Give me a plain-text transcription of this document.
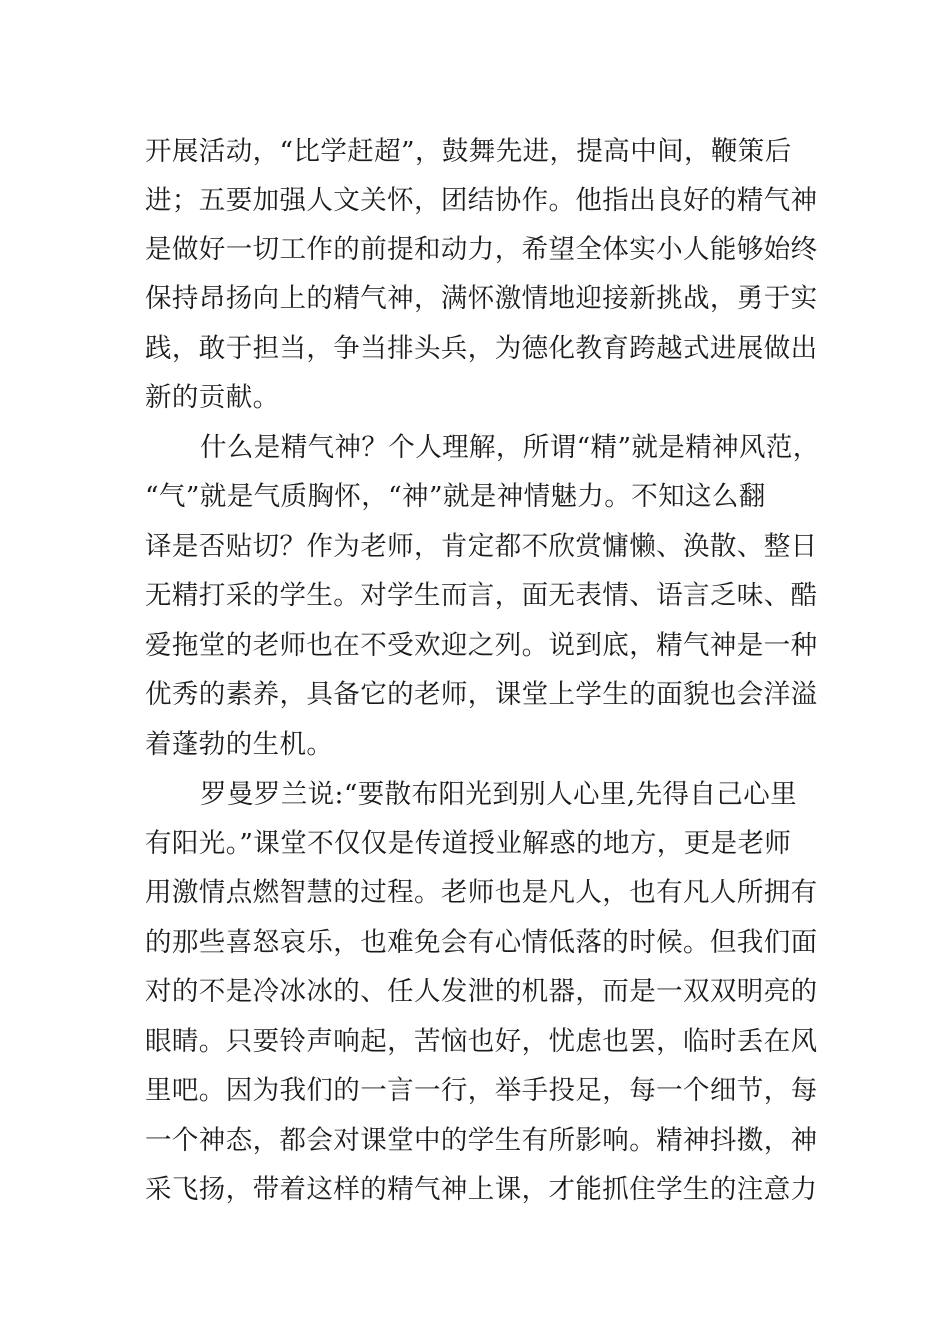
开展活动，“比学赶超”，鼓舞先进，提高中间，鞭策后
进；五要加强人文关怀，团结协作。他指出良好的精气神
是做好一切工作的前提和动力，希望全体实小人能够始终
保持昂扬向上的精气神，满怀激情地迎接新挑战，勇于实
践，敢于担当，争当排头兵，为德化教育跨越式进展做出
新的贡献。
什么是精气神？个人理解，所谓“精”就是精神风范，
“气”就是气质胸怀，“神”就是神情魅力。不知这么翻
译是否贴切？作为老师，肯定都不欣赏慵懒、涣散、整日
无精打采的学生。对学生而言，面无表情、语言乏味、酷
爱拖堂的老师也在不受欢迎之列。说到底，精气神是一种
优秀的素养，具备它的老师，课堂上学生的面貌也会洋溢
着蓬勃的生机。
罗曼罗兰说:“要散布阳光到别人心里,先得自己心里
有阳光。”课堂不仅仅是传道授业解惑的地方，更是老师
用激情点燃智慧的过程。老师也是凡人，也有凡人所拥有
的那些喜怒哀乐，也难免会有心情低落的时候。但我们面
对的不是冷冰冰的、任人发泄的机器，而是一双双明亮的
眼睛。只要铃声响起，苦恼也好，忧虑也罢，临时丢在风
里吧。因为我们的一言一行，举手投足，每一个细节，每
一个神态，都会对课堂中的学生有所影响。精神抖擞，神
采飞扬，带着这样的精气神上课，才能抓住学生的注意力
